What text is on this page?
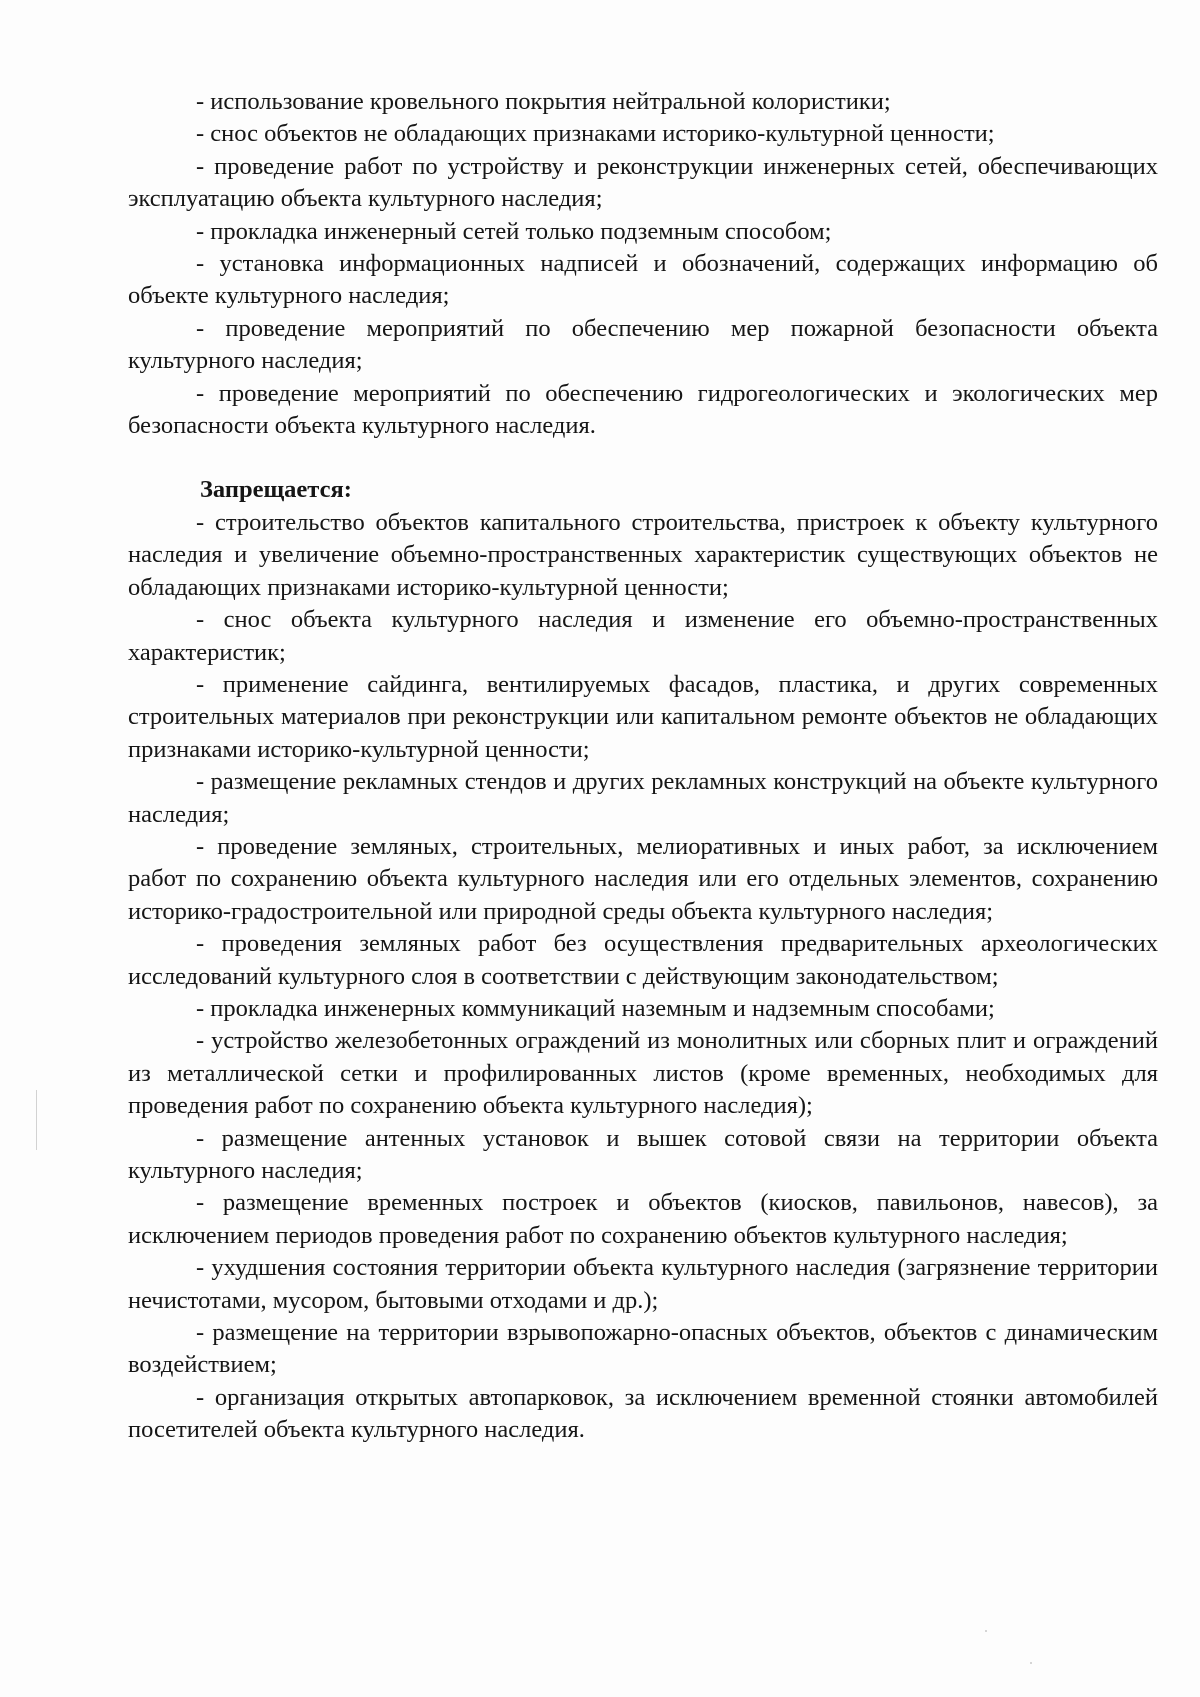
- использование кровельного покрытия нейтральной колористики;

- снос объектов не обладающих признаками историко-культурной ценности;

- проведение работ по устройству и реконструкции инженерных сетей, обеспечивающих эксплуатацию объекта культурного наследия;

- прокладка инженерный сетей только подземным способом;

- установка информационных надписей и обозначений, содержащих информацию об объекте культурного наследия;

- проведение мероприятий по обеспечению мер пожарной безопасности объекта культурного наследия;

- проведение мероприятий по обеспечению гидрогеологических и экологических мер безопасности объекта культурного наследия.

Запрещается:

- строительство объектов капитального строительства, пристроек к объекту культурного наследия и увеличение объемно-пространственных характеристик существующих объектов не обладающих признаками историко-культурной ценности;

- снос объекта культурного наследия и изменение его объемно-пространственных характеристик;

- применение сайдинга, вентилируемых фасадов, пластика, и других современных строительных материалов при реконструкции или капитальном ремонте объектов не обладающих признаками историко-культурной ценности;

- размещение рекламных стендов и других рекламных конструкций на объекте культурного наследия;

- проведение земляных, строительных, мелиоративных и иных работ, за исключением работ по сохранению объекта культурного наследия или его отдельных элементов, сохранению историко-градостроительной или природной среды объекта культурного наследия;

- проведения земляных работ без осуществления предварительных археологических исследований культурного слоя в соответствии с действующим законодательством;

- прокладка инженерных коммуникаций наземным и надземным способами;

- устройство железобетонных ограждений из монолитных или сборных плит и ограждений из металлической сетки и профилированных листов (кроме временных, необходимых для проведения работ по сохранению объекта культурного наследия);

- размещение антенных установок и вышек сотовой связи на территории объекта культурного наследия;

- размещение временных построек и объектов (киосков, павильонов, навесов), за исключением периодов проведения работ по сохранению объектов культурного наследия;

- ухудшения состояния территории объекта культурного наследия (загрязнение территории нечистотами, мусором, бытовыми отходами и др.);

- размещение на территории взрывопожарно-опасных объектов, объектов с динамическим воздействием;

- организация открытых автопарковок, за исключением временной стоянки автомобилей посетителей объекта культурного наследия.
